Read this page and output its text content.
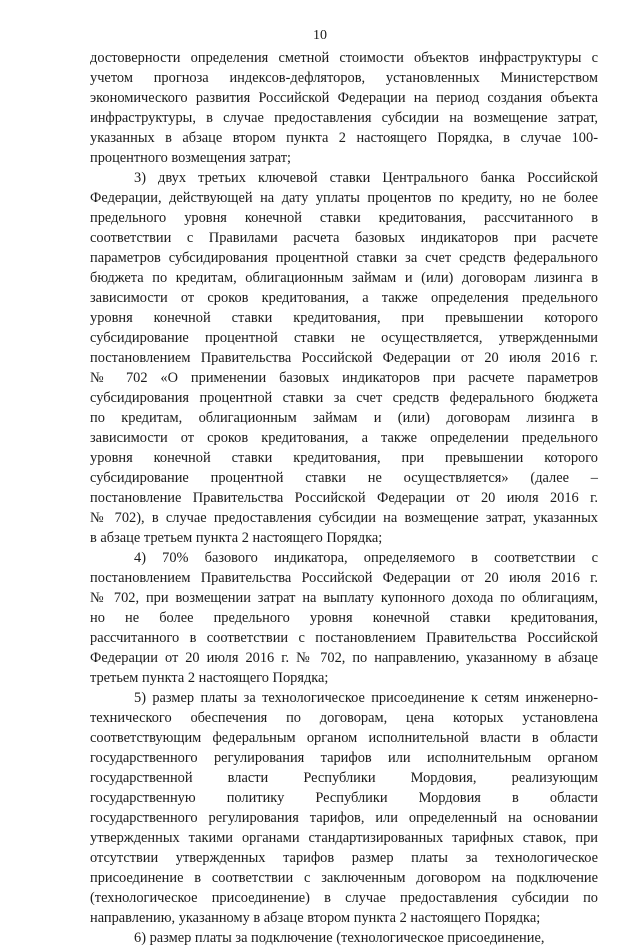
10
достоверности определения сметной стоимости объектов инфраструктуры с
учетом прогноза индексов-дефляторов, установленных Министерством
экономического развития Российской Федерации на период создания объекта
инфраструктуры, в случае предоставления субсидии на возмещение затрат,
указанных в абзаце втором пункта 2 настоящего Порядка, в случае 100-
процентного возмещения затрат;
3) двух третьих ключевой ставки Центрального банка Российской
Федерации, действующей на дату уплаты процентов по кредиту, но не более
предельного уровня конечной ставки кредитования, рассчитанного в
соответствии с Правилами расчета базовых индикаторов при расчете
параметров субсидирования процентной ставки за счет средств федерального
бюджета по кредитам, облигационным займам и (или) договорам лизинга в
зависимости от сроков кредитования, а также определения предельного
уровня конечной ставки кредитования, при превышении которого
субсидирование процентной ставки не осуществляется, утвержденными
постановлением Правительства Российской Федерации от 20 июля 2016 г.
№ 702 «О применении базовых индикаторов при расчете параметров
субсидирования процентной ставки за счет средств федерального бюджета
по кредитам, облигационным займам и (или) договорам лизинга в
зависимости от сроков кредитования, а также определении предельного
уровня конечной ставки кредитования, при превышении которого
субсидирование процентной ставки не осуществляется» (далее –
постановление Правительства Российской Федерации от 20 июля 2016 г.
№ 702), в случае предоставления субсидии на возмещение затрат, указанных
в абзаце третьем пункта 2 настоящего Порядка;
4) 70% базового индикатора, определяемого в соответствии с
постановлением Правительства Российской Федерации от 20 июля 2016 г.
№ 702, при возмещении затрат на выплату купонного дохода по облигациям,
но не более предельного уровня конечной ставки кредитования,
рассчитанного в соответствии с постановлением Правительства Российской
Федерации от 20 июля 2016 г. № 702, по направлению, указанному в абзаце
третьем пункта 2 настоящего Порядка;
5) размер платы за технологическое присоединение к сетям инженерно-
технического обеспечения по договорам, цена которых установлена
соответствующим федеральным органом исполнительной власти в области
государственного регулирования тарифов или исполнительным органом
государственной власти Республики Мордовия, реализующим
государственную политику Республики Мордовия в области
государственного регулирования тарифов, или определенный на основании
утвержденных такими органами стандартизированных тарифных ставок, при
отсутствии утвержденных тарифов размер платы за технологическое
присоединение в соответствии с заключенным договором на подключение
(технологическое присоединение) в случае предоставления субсидии по
направлению, указанному в абзаце втором пункта 2 настоящего Порядка;
6) размер платы за подключение (технологическое присоединение,
